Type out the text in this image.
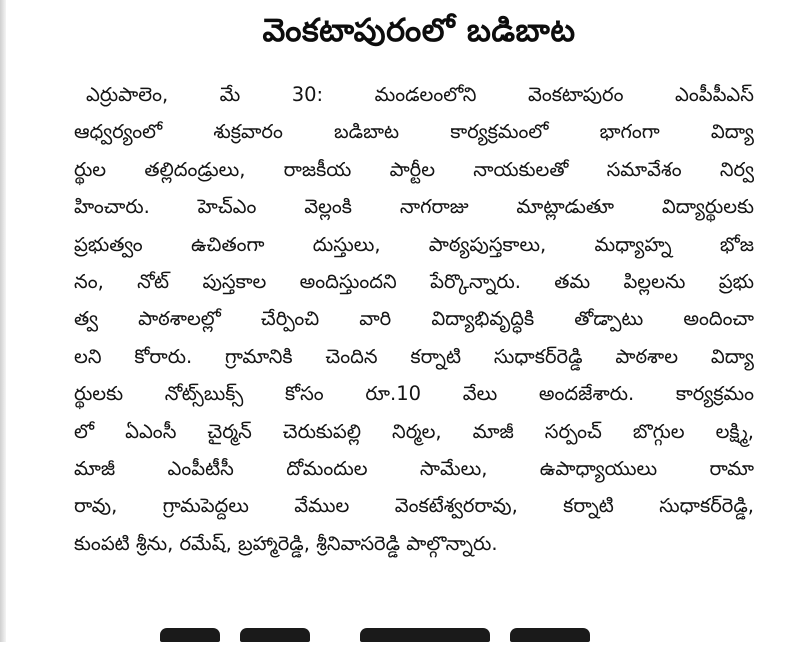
వెంకటాపురంలో బడిబాట
ఎర్రుపాలెం, మే 30: మండలంలోని వెంకటాపురం ఎంపీపీఎస్
ఆధ్వర్యంలో శుక్రవారం బడిబాట కార్యక్రమంలో భాగంగా విద్యా
ర్థుల తల్లిదండ్రులు, రాజకీయ పార్టీల నాయకులతో సమావేశం నిర్వ
హించారు. హెచ్‌ఎం వెల్లంకి నాగరాజు మాట్లాడుతూ విద్యార్థులకు
ప్రభుత్వం ఉచితంగా దుస్తులు, పాఠ్యపుస్తకాలు, మధ్యాహ్న భోజ
నం, నోట్ పుస్తకాల అందిస్తుందని పేర్కొన్నారు. తమ పిల్లలను ప్రభు
త్వ పాఠశాలల్లో చేర్పించి వారి విద్యాభివృద్ధికి తోడ్పాటు అందించా
లని కోరారు. గ్రామానికి చెందిన కర్నాటి సుధాకర్‌రెడ్డి పాఠశాల విద్యా
ర్థులకు నోట్స్‌బుక్స్ కోసం రూ.10 వేలు అందజేశారు. కార్యక్రమం
లో ఏఎంసీ చైర్మన్ చెరుకుపల్లి నిర్మల, మాజీ సర్పంచ్ బొగ్గుల లక్ష్మి,
మాజీ ఎంపీటీసీ దోమందుల సామేలు, ఉపాధ్యాయులు రామా
రావు, గ్రామపెద్దలు వేముల వెంకటేశ్వరరావు, కర్నాటి సుధాకర్‌రెడ్డి,
కుంపటి శ్రీను, రమేష్, బ్రహ్మారెడ్డి, శ్రీనివాసరెడ్డి పాల్గొన్నారు.
